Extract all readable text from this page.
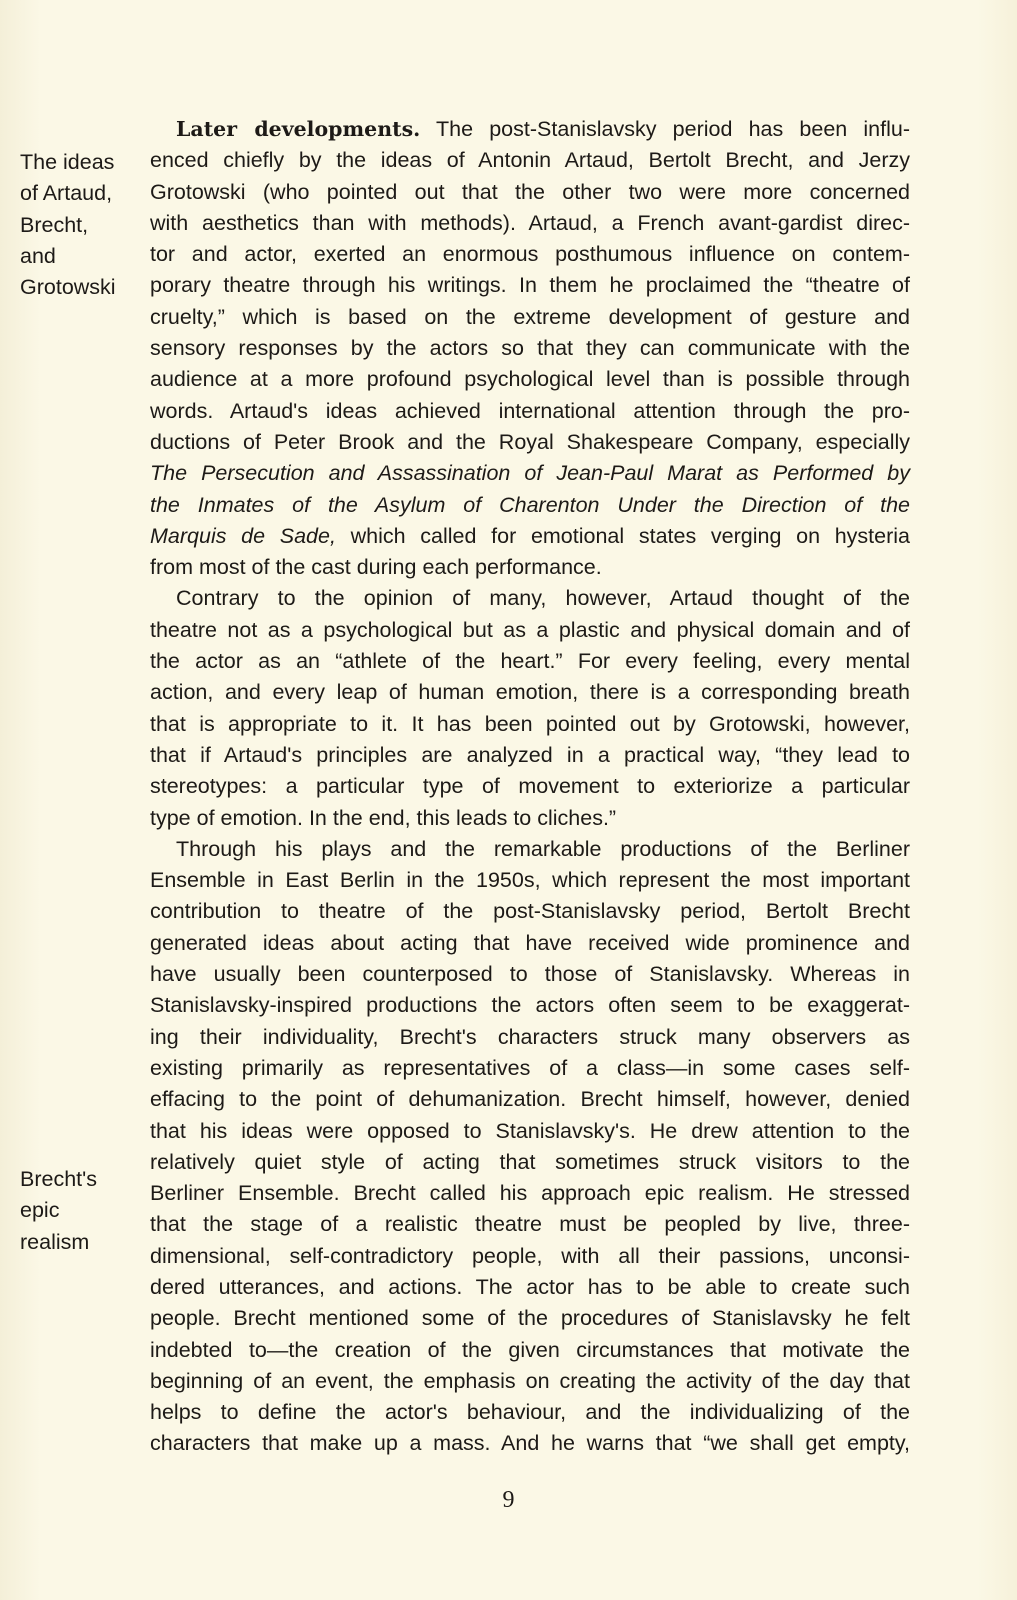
The ideas
of Artaud,
Brecht,
and
Grotowski
Brecht's
epic
realism
Later developments. The post-Stanislavsky period has been influ-
enced chiefly by the ideas of Antonin Artaud, Bertolt Brecht, and Jerzy
Grotowski (who pointed out that the other two were more concerned
with aesthetics than with methods). Artaud, a French avant-gardist direc-
tor and actor, exerted an enormous posthumous influence on contem-
porary theatre through his writings. In them he proclaimed the “theatre of
cruelty,” which is based on the extreme development of gesture and
sensory responses by the actors so that they can communicate with the
audience at a more profound psychological level than is possible through
words. Artaud's ideas achieved international attention through the pro-
ductions of Peter Brook and the Royal Shakespeare Company, especially
The Persecution and Assassination of Jean-Paul Marat as Performed by
the Inmates of the Asylum of Charenton Under the Direction of the
Marquis de Sade, which called for emotional states verging on hysteria
from most of the cast during each performance.
Contrary to the opinion of many, however, Artaud thought of the
theatre not as a psychological but as a plastic and physical domain and of
the actor as an “athlete of the heart.” For every feeling, every mental
action, and every leap of human emotion, there is a corresponding breath
that is appropriate to it. It has been pointed out by Grotowski, however,
that if Artaud's principles are analyzed in a practical way, “they lead to
stereotypes: a particular type of movement to exteriorize a particular
type of emotion. In the end, this leads to cliches.”
Through his plays and the remarkable productions of the Berliner
Ensemble in East Berlin in the 1950s, which represent the most important
contribution to theatre of the post-Stanislavsky period, Bertolt Brecht
generated ideas about acting that have received wide prominence and
have usually been counterposed to those of Stanislavsky. Whereas in
Stanislavsky-inspired productions the actors often seem to be exaggerat-
ing their individuality, Brecht's characters struck many observers as
existing primarily as representatives of a class—in some cases self-
effacing to the point of dehumanization. Brecht himself, however, denied
that his ideas were opposed to Stanislavsky's. He drew attention to the
relatively quiet style of acting that sometimes struck visitors to the
Berliner Ensemble. Brecht called his approach epic realism. He stressed
that the stage of a realistic theatre must be peopled by live, three-
dimensional, self-contradictory people, with all their passions, unconsi-
dered utterances, and actions. The actor has to be able to create such
people. Brecht mentioned some of the procedures of Stanislavsky he felt
indebted to—the creation of the given circumstances that motivate the
beginning of an event, the emphasis on creating the activity of the day that
helps to define the actor's behaviour, and the individualizing of the
characters that make up a mass. And he warns that “we shall get empty,
9
